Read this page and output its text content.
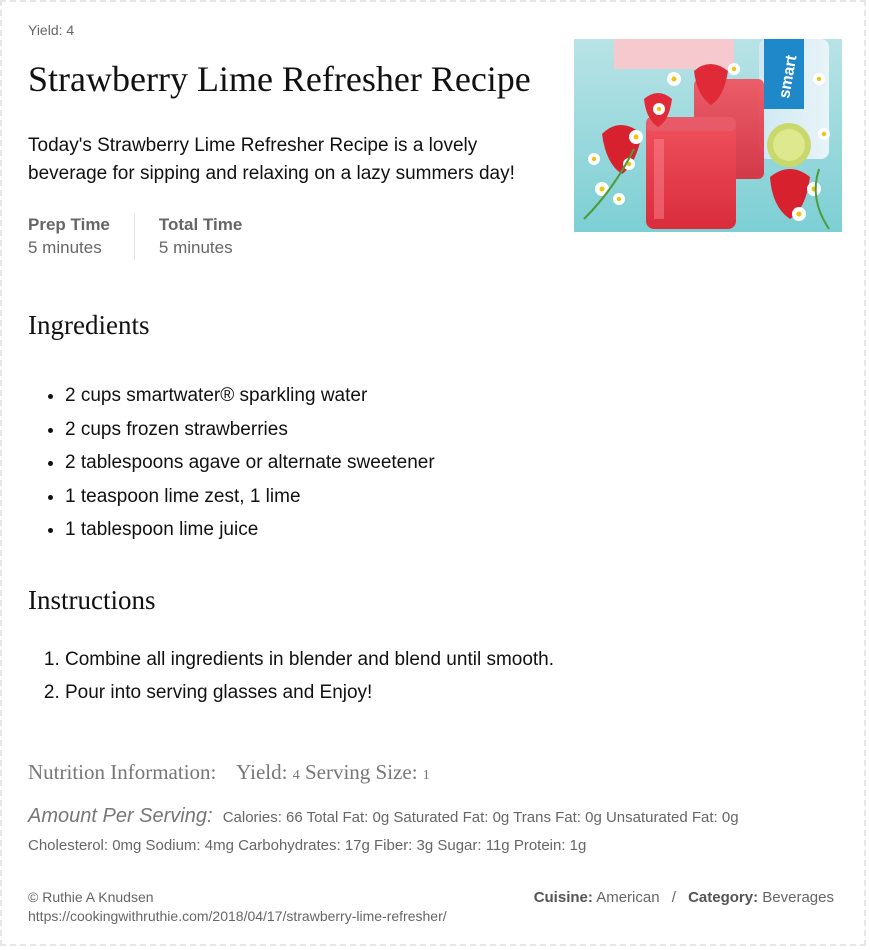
Yield: 4
Strawberry Lime Refresher Recipe
Today's Strawberry Lime Refresher Recipe is a lovely beverage for sipping and relaxing on a lazy summers day!
Prep Time
5 minutes
Total Time
5 minutes
smart
Ingredients
• 2 cups smartwater® sparkling water
• 2 cups frozen strawberries
• 2 tablespoons agave or alternate sweetener
• 1 teaspoon lime zest, 1 lime
• 1 tablespoon lime juice
Instructions
1. Combine all ingredients in blender and blend until smooth.
2. Pour into serving glasses and Enjoy!
Nutrition Information: Yield: 4 Serving Size: 1
Amount Per Serving: Calories: 66 Total Fat: 0g Saturated Fat: 0g Trans Fat: 0g Unsaturated Fat: 0g
Cholesterol: 0mg Sodium: 4mg Carbohydrates: 17g Fiber: 3g Sugar: 11g Protein: 1g
© Ruthie A Knudsen
https://cookingwithruthie.com/2018/04/17/strawberry-lime-refresher/
Cuisine: American / Category: Beverages
